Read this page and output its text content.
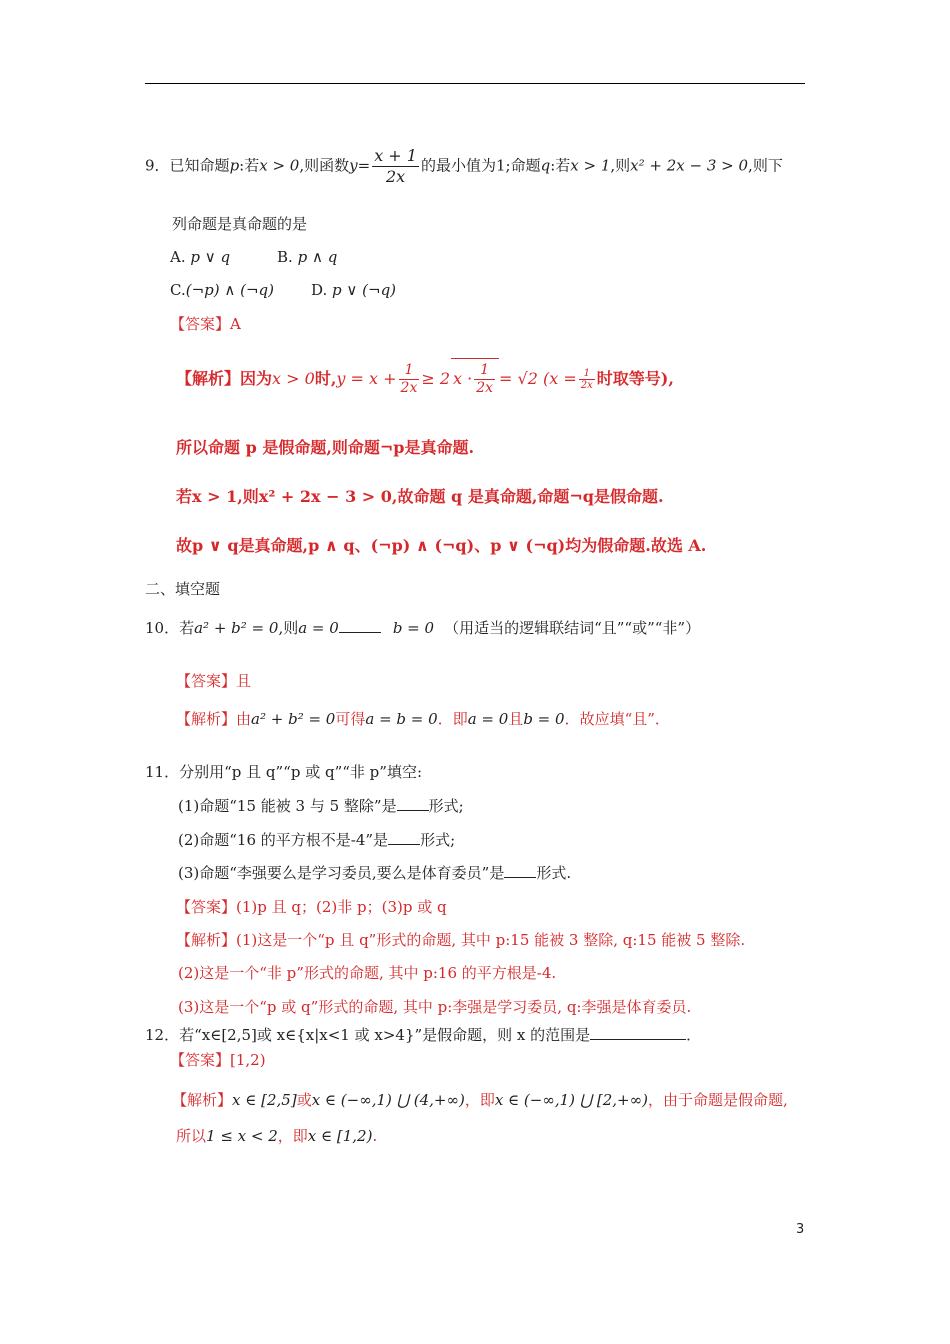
9．已知命题p:若x > 0,则函数$y= \frac{x + 1}{2x}$ 的最小值为1;命题q:若x > 1,则x² + 2x − 3 > 0,则下
列命题是真命题的是
A. p ∨ q	B. p ∧ q
C.(¬p) ∧ (¬q) D. p ∨ (¬q)
【答案】A
【解析】因为x > 0时$,y = x + \frac{1}{2x} \ge 2$ $x \cdot \frac{1}{2x} = √2$ ($x = \frac{1}{2x}$ 时取等号),
所以命题 p 是假命题,则命题¬p是真命题.
若x > 1,则x² + 2x − 3 > 0,故命题 q 是真命题,命题¬q是假命题.
故p ∨ q是真命题,p ∧ q、(¬p) ∧ (¬q)、p ∨ (¬q)均为假命题.故选 A.
二、填空题
10．若a² + b² = 0,则a = 0	b = 0 （用适当的逻辑联结词“且”“或”“非”）
【答案】且
【解析】由a² + b² = 0可得a = b = 0．即a = 0且b = 0．故应填“且”．
11．分别用“p 且 q”“p 或 q”“非 p”填空:
(1)命题“15 能被 3 与 5 整除”是 形式;
(2)命题“16 的平方根不是-4”是 形式;
(3)命题“李强要么是学习委员,要么是体育委员”是 形式.
【答案】(1)p 且 q；(2)非 p；(3)p 或 q
【解析】(1)这是一个“p 且 q”形式的命题, 其中 p:15 能被 3 整除, q:15 能被 5 整除.
(2)这是一个“非 p”形式的命题, 其中 p:16 的平方根是-4.
(3)这是一个“p 或 q”形式的命题, 其中 p:李强是学习委员, q:李强是体育委员.
12．若“x∈[2,5]或 x∈{x|x<1 或 x>4}”是假命题，则 x 的范围是	．
【答案】[1,2)
【解析】x ∈ [2,5]或x ∈ (−∞,1) ⋃ (4,+∞)，即x ∈ (−∞,1) ⋃ [2,+∞)，由于命题是假命题,
所以1 ≤ x < 2，即x ∈ [1,2).
3
